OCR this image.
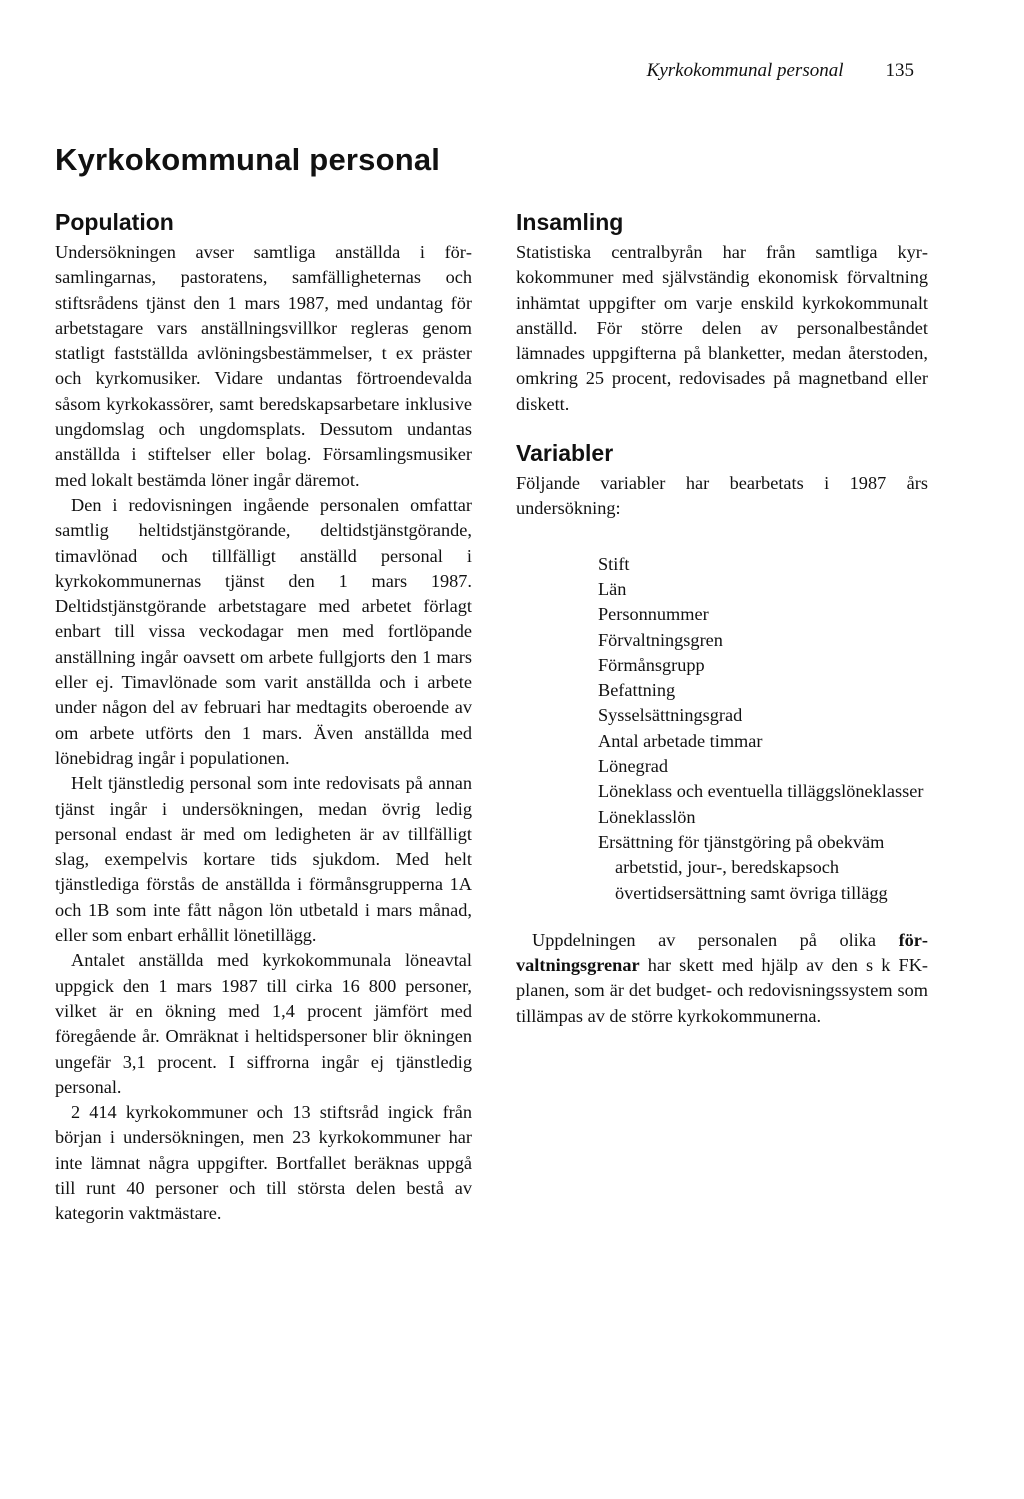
Kyrkokommunal personal 135
Kyrkokommunal personal
Population

Undersökningen avser samtliga anställda i församlingarnas, pastoratens, samfälligheternas och stiftsrådens tjänst den 1 mars 1987, med undantag för arbetstagare vars anställningsvillkor regleras genom statligt fastställda avlöningsbestämmelser, t ex präster och kyrkomusiker. Vidare undantas förtroendevalda såsom kyrkokassörer, samt beredskapsarbetare inklusive ungdomslag och ungdomsplats. Dessutom undantas anställda i stiftelser eller bolag. Församlingsmusiker med lokalt bestämda löner ingår däremot.

Den i redovisningen ingående personalen omfattar samtlig heltidstjänstgörande, deltidstjänstgörande, timavlönad och tillfälligt anställd personal i kyrkokommunernas tjänst den 1 mars 1987. Deltidstjänstgörande arbetstagare med arbetet förlagt enbart till vissa veckodagar men med fortlöpande anställning ingår oavsett om arbete fullgjorts den 1 mars eller ej. Timavlönade som varit anställda och i arbete under någon del av februari har medtagits oberoende av om arbete utförts den 1 mars. Även anställda med lönebidrag ingår i populationen.

Helt tjänstledig personal som inte redovisats på annan tjänst ingår i undersökningen, medan övrig ledig personal endast är med om ledigheten är av tillfälligt slag, exempelvis kortare tids sjukdom. Med helt tjänstlediga förstås de anställda i förmånsgrupperna 1A och 1B som inte fått någon lön utbetald i mars månad, eller som enbart erhållit lönetillägg.

Antalet anställda med kyrkokommunala löneavtal uppgick den 1 mars 1987 till cirka 16 800 personer, vilket är en ökning med 1,4 procent jämfört med föregående år. Omräknat i heltidspersoner blir ökningen ungefär 3,1 procent. I siffrorna ingår ej tjänstledig personal.

2 414 kyrkokommuner och 13 stiftsråd ingick från början i undersökningen, men 23 kyrkokommuner har inte lämnat några uppgifter. Bortfallet beräknas uppgå till runt 40 personer och till största delen bestå av kategorin vaktmästare.

Insamling

Statistiska centralbyrån har från samtliga kyrkokommuner med självständig ekonomisk förvaltning inhämtat uppgifter om varje enskild kyrkokommunalt anställd. För större delen av personalbeståndet lämnades uppgifterna på blanketter, medan återstoden, omkring 25 procent, redovisades på magnetband eller diskett.

Variabler

Följande variabler har bearbetats i 1987 års undersökning:

Stift
Län
Personnummer
Förvaltningsgren
Förmånsgrupp
Befattning
Sysselsättningsgrad
Antal arbetade timmar
Lönegrad
Löneklass och eventuella tilläggslöneklasser
Löneklasslön
Ersättning för tjänstgöring på obekväm arbetstid, jour-, beredskapsoch övertidsersättning samt övriga tillägg

Uppdelningen av personalen på olika förvaltningsgrenar har skett med hjälp av den s k FK-planen, som är det budget- och redovisningssystem som tillämpas av de större kyrkokommunerna.
